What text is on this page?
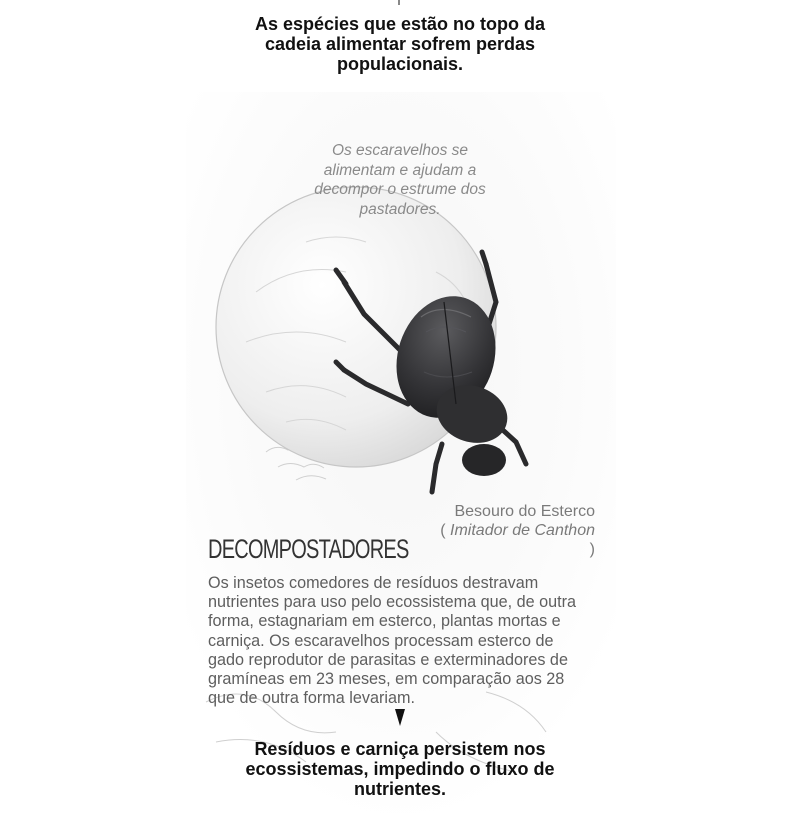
As espécies que estão no topo da cadeia alimentar sofrem perdas populacionais.
Os escaravelhos se alimentam e ajudam a decompor o estrume dos pastadores.
Besouro do Esterco
( Imitador de Canthon
)
DECOMPOSTADORES
Os insetos comedores de resíduos destravam nutrientes para uso pelo ecossistema que, de outra forma, estagnariam em esterco, plantas mortas e carniça. Os escaravelhos processam esterco de gado reprodutor de parasitas e exterminadores de gramíneas em 23 meses, em comparação aos 28 que de outra forma levariam.
Resíduos e carniça persistem nos ecossistemas, impedindo o fluxo de nutrientes.
